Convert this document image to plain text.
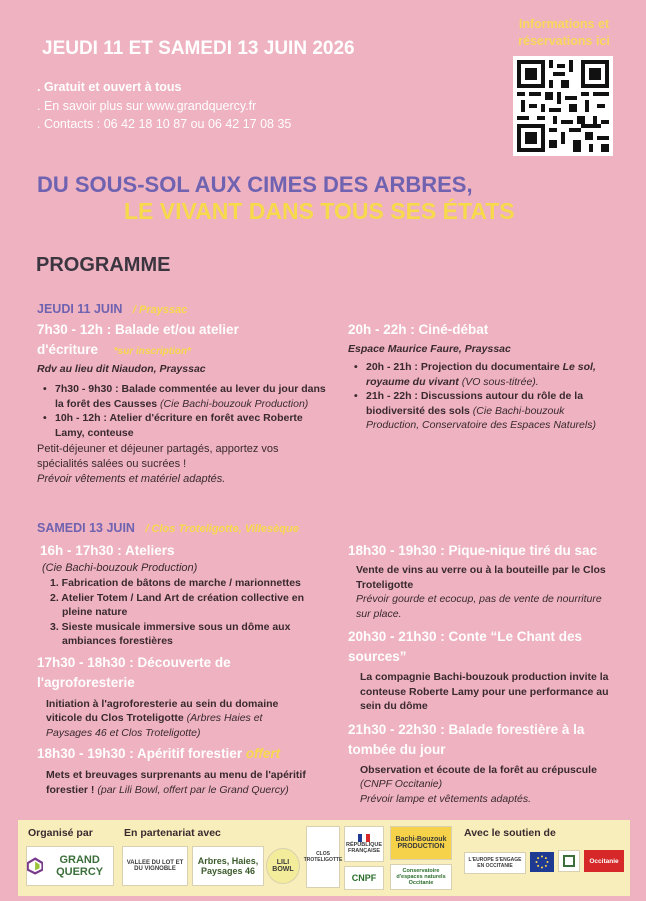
JEUDI 11 ET SAMEDI 13 JUIN 2026
. Gratuit et ouvert à tous
. En savoir plus sur www.grandquercy.fr
. Contacts : 06 42 18 10 87 ou 06 42 17 08 35
Informations et réservations ici
DU SOUS-SOL AUX CIMES DES ARBRES,
LE VIVANT DANS TOUS SES ÉTATS
PROGRAMME
JEUDI 11 JUIN / Prayssac
7h30 - 12h : Balade et/ou atelier
d'écriture *sur inscription*
Rdv au lieu dit Niaudon, Prayssac
• 7h30 - 9h30 : Balade commentée au lever du jour dans la forêt des Causses (Cie Bachi-bouzouk Production)
• 10h - 12h : Atelier d'écriture en forêt avec Roberte Lamy, conteuse
Petit-déjeuner et déjeuner partagés, apportez vos spécialités salées ou sucrées !
Prévoir vêtements et matériel adaptés.
20h - 22h : Ciné-débat
Espace Maurice Faure, Prayssac
• 20h - 21h : Projection du documentaire Le sol, royaume du vivant (VO sous-titrée).
• 21h - 22h : Discussions autour du rôle de la biodiversité des sols (Cie Bachi-bouzouk Production, Conservatoire des Espaces Naturels)
SAMEDI 13 JUIN / Clos Troteligotte, Villesèque
16h - 17h30 : Ateliers
(Cie Bachi-bouzouk Production)
1. Fabrication de bâtons de marche / marionnettes
2. Atelier Totem / Land Art de création collective en pleine nature
3. Sieste musicale immersive sous un dôme aux ambiances forestières
17h30 - 18h30 : Découverte de
l'agroforesterie
Initiation à l'agroforesterie au sein du domaine viticole du Clos Troteligotte (Arbres Haies et Paysages 46 et Clos Troteligotte)
18h30 - 19h30 : Apéritif forestier offert
Mets et breuvages surprenants au menu de l'apéritif forestier ! (par Lili Bowl, offert par le Grand Quercy)
18h30 - 19h30 : Pique-nique tiré du sac
Vente de vins au verre ou à la bouteille par le Clos Troteligotte
Prévoir gourde et ecocup, pas de vente de nourriture sur place.
20h30 - 21h30 : Conte “Le Chant des
sources”
La compagnie Bachi-bouzouk production invite la conteuse Roberte Lamy pour une performance au sein du dôme
21h30 - 22h30 : Balade forestière à la
tombée du jour
Observation et écoute de la forêt au crépuscule (CNPF Occitanie)
Prévoir lampe et vêtements adaptés.
Organisé par	En partenariat avec	Avec le soutien de
GRAND QUERCY
VALLEE DU LOT ET DU VIGNOBLE
Arbres, Haies, Paysages 46
LILI BOWL
CLOS TROTELIGOTTE
RÉPUBLIQUE FRANÇAISE
CNPF
Bachi-Bouzouk PRODUCTION
Conservatoire d'espaces naturels Occitanie
L'EUROPE S'ENGAGE EN OCCITANIE
Occitanie
